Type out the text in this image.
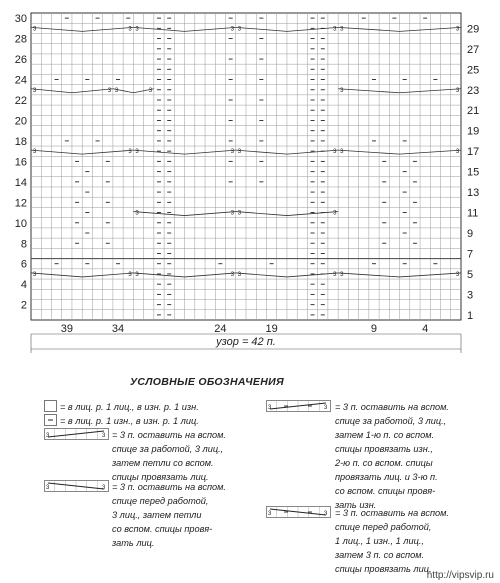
3	3 3	3 3	3 3	3
3	3 3	3	3	3
3	3 3	3 3	3 3	3
3	3 3	3
3	3 3	3 3	3 3	3
30
28
26
24
22
20
18
16
14
12
10
8
6
4
2
29
27
25
23
21
19
17
15
13
11
9
7
5
3
1
39	34	24	19	9	4
узор = 42 п.
УСЛОВНЫЕ ОБОЗНАЧЕНИЯ
3	3
3	3
3	3
3	3

= в лиц. р. 1 лиц., в изн. р. 1 изн.

= в лиц. р. 1 изн., в изн. р. 1 лиц.

= 3 п. оставить на вспом.

спице за работой, 3 лиц.,

затем петли со вспом.

спицы провязать лиц.

= 3 п. оставить на вспом.

спице перед работой,

3 лиц., затем петли

со вспом. спицы провя-

зать лиц.

= 3 п. оставить на вспом.

спице за работой, 3 лиц.,

затем 1-ю п. со вспом.

спицы провязать изн.,

2-ю п. со вспом. спицы

провязать лиц. и 3-ю п.

со вспом. спицы провя-

зать изн.

= 3 п. оставить на вспом.

спице перед работой,

1 лиц., 1 изн., 1 лиц.,

затем 3 п. со вспом.

спицы провязать лиц.

http://vipsvip.ru
